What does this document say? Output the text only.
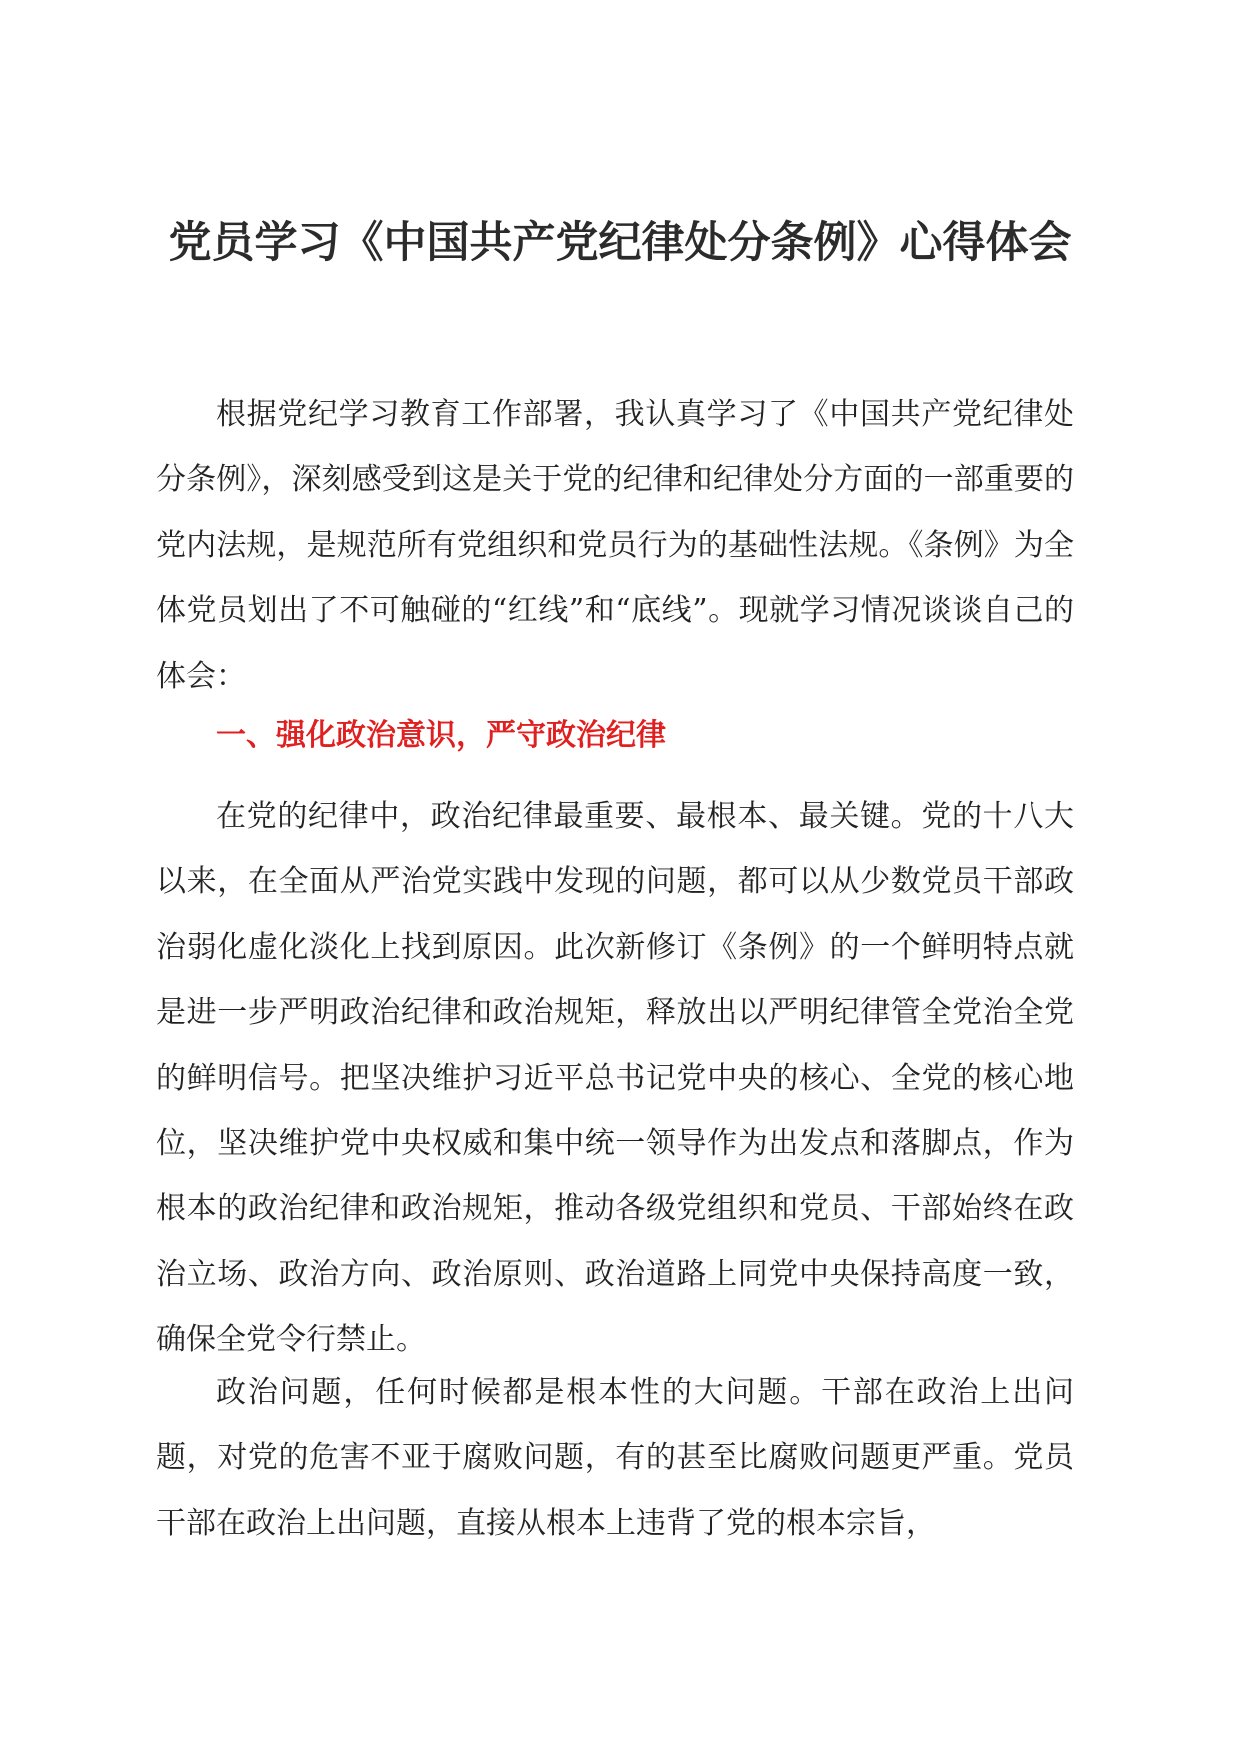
党员学习《中国共产党纪律处分条例》心得体会

根据党纪学习教育工作部署，我认真学习了《中国共产党纪律处分条例》，深刻感受到这是关于党的纪律和纪律处分方面的一部重要的党内法规，是规范所有党组织和党员行为的基础性法规。《条例》为全体党员划出了不可触碰的“红线”和“底线”。现就学习情况谈谈自己的体会：

一、强化政治意识，严守政治纪律

在党的纪律中，政治纪律最重要、最根本、最关键。党的十八大以来，在全面从严治党实践中发现的问题，都可以从少数党员干部政治弱化虚化淡化上找到原因。此次新修订《条例》的一个鲜明特点就是进一步严明政治纪律和政治规矩，释放出以严明纪律管全党治全党的鲜明信号。把坚决维护习近平总书记党中央的核心、全党的核心地位，坚决维护党中央权威和集中统一领导作为出发点和落脚点，作为根本的政治纪律和政治规矩，推动各级党组织和党员、干部始终在政治立场、政治方向、政治原则、政治道路上同党中央保持高度一致，确保全党令行禁止。

政治问题，任何时候都是根本性的大问题。干部在政治上出问题，对党的危害不亚于腐败问题，有的甚至比腐败问题更严重。党员干部在政治上出问题，直接从根本上违背了党的根本宗旨，
